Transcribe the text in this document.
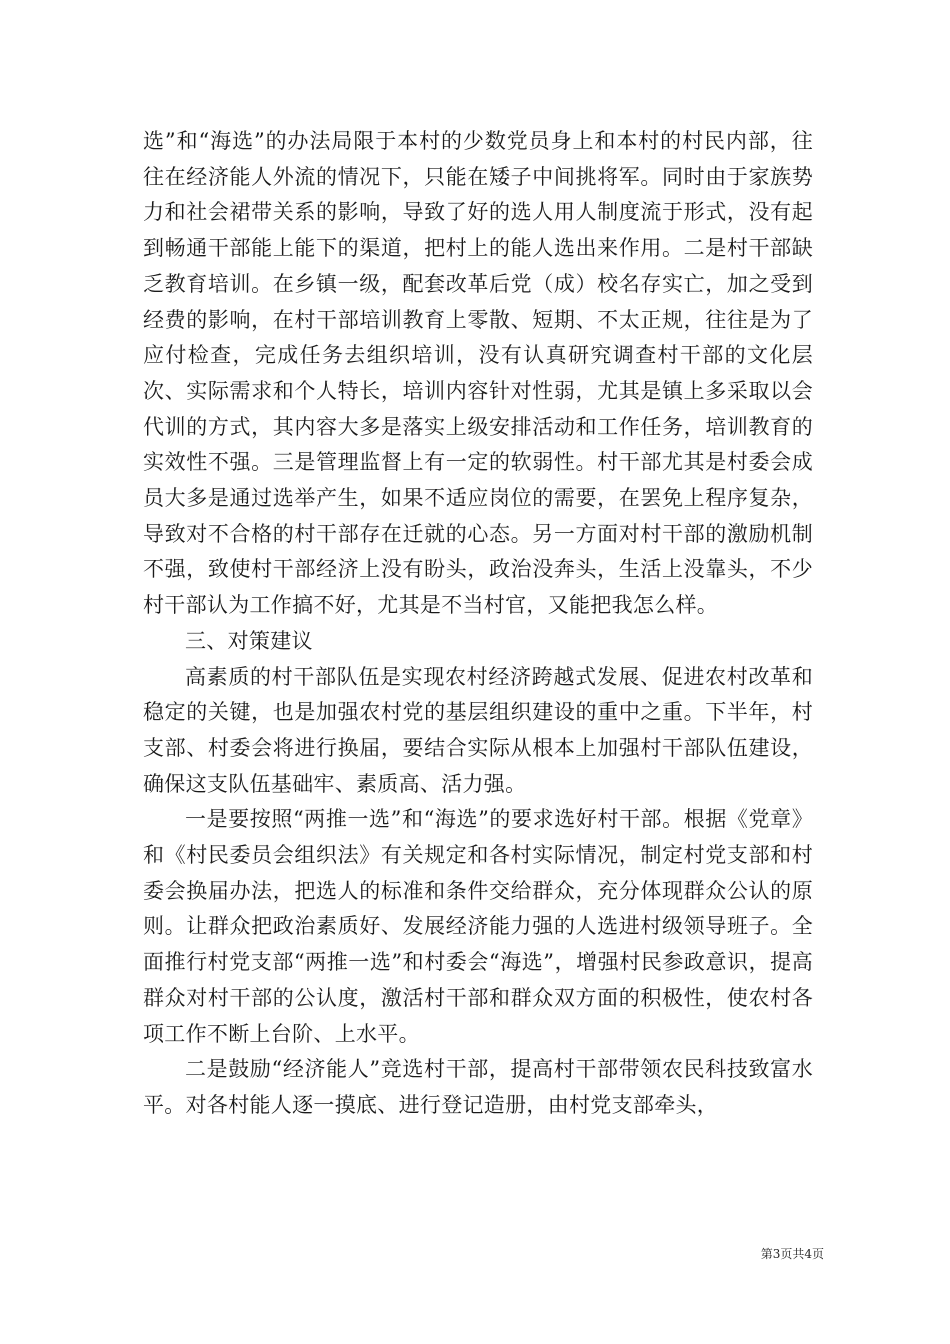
选”和“海选”的办法局限于本村的少数党员身上和本村的村民内部，往往在经济能人外流的情况下，只能在矮子中间挑将军。同时由于家族势力和社会裙带关系的影响，导致了好的选人用人制度流于形式，没有起到畅通干部能上能下的渠道，把村上的能人选出来作用。二是村干部缺乏教育培训。在乡镇一级，配套改革后党（成）校名存实亡，加之受到经费的影响，在村干部培训教育上零散、短期、不太正规，往往是为了应付检查，完成任务去组织培训，没有认真研究调查村干部的文化层次、实际需求和个人特长，培训内容针对性弱，尤其是镇上多采取以会代训的方式，其内容大多是落实上级安排活动和工作任务，培训教育的实效性不强。三是管理监督上有一定的软弱性。村干部尤其是村委会成员大多是通过选举产生，如果不适应岗位的需要，在罢免上程序复杂，导致对不合格的村干部存在迁就的心态。另一方面对村干部的激励机制不强，致使村干部经济上没有盼头，政治没奔头，生活上没靠头，不少村干部认为工作搞不好，尤其是不当村官，又能把我怎么样。

三、对策建议

高素质的村干部队伍是实现农村经济跨越式发展、促进农村改革和稳定的关键，也是加强农村党的基层组织建设的重中之重。下半年，村支部、村委会将进行换届，要结合实际从根本上加强村干部队伍建设，确保这支队伍基础牢、素质高、活力强。

一是要按照“两推一选”和“海选”的要求选好村干部。根据《党章》和《村民委员会组织法》有关规定和各村实际情况，制定村党支部和村委会换届办法，把选人的标准和条件交给群众，充分体现群众公认的原则。让群众把政治素质好、发展经济能力强的人选进村级领导班子。全面推行村党支部“两推一选”和村委会“海选”，增强村民参政意识，提高群众对村干部的公认度，激活村干部和群众双方面的积极性，使农村各项工作不断上台阶、上水平。

二是鼓励“经济能人”竞选村干部，提高村干部带领农民科技致富水平。对各村能人逐一摸底、进行登记造册，由村党支部牵头，

第3页共4页
